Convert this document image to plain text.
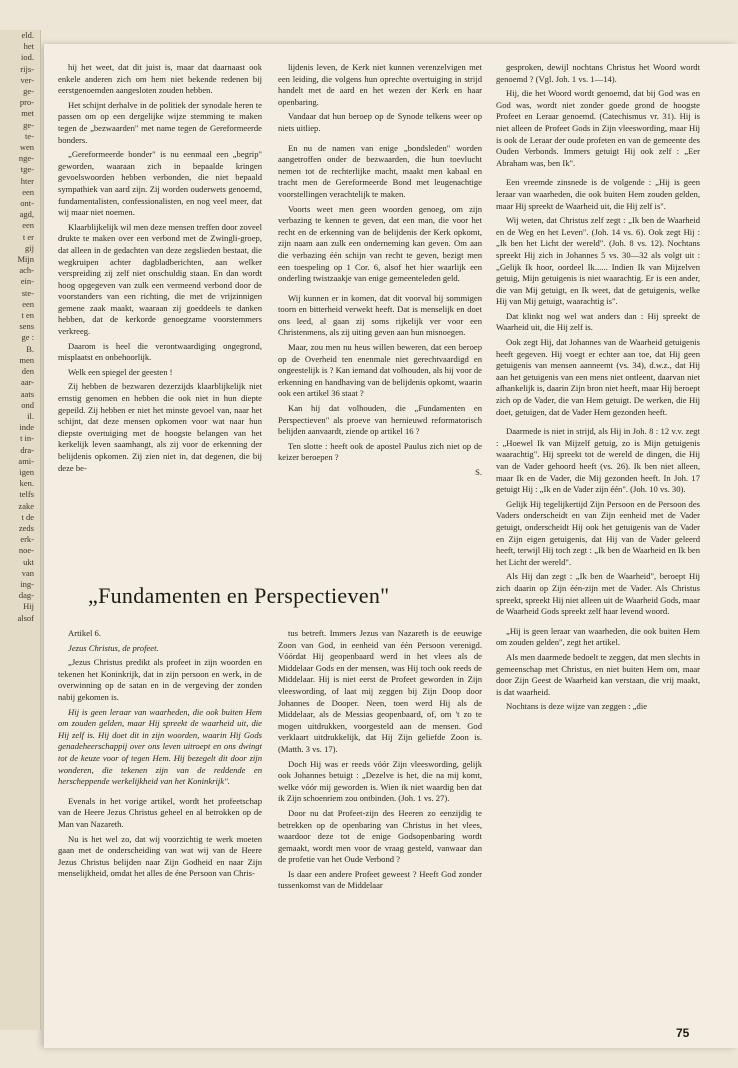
eld.
het
iod.
rijs-
ver-
ge-
pro-
met
ge-
te-
wen
nge-
tge-
hter
een
ont-
agd,
een
t er
gij
Mijn
ach-
ein-
ste-
een
t en
sens
ge :
B.
men
den
aar-
aats
ond
il.
inde
t in-
dra-
ami-
igen
ken.
telfs
zake
t de
zeds
erk-
noe-
ukt
van
ing-
dag-
Hij
alsof

hij het weet, dat dit juist is, maar dat daarnaast ook enkele anderen zich om hem niet bekende redenen bij eerstgenoemden aangesloten zouden hebben.

Het schijnt derhalve in de politiek der synodale heren te passen om op een dergelijke wijze stemming te maken tegen de „bezwaarden" met name tegen de Gereformeerde bonders.

„Gereformeerde bonder" is nu eenmaal een „begrip" geworden, waaraan zich in bepaalde kringen gevoelswoorden hebben verbonden, die niet bepaald sympathiek van aard zijn. Zij worden ouderwets genoemd, fundamentalisten, confessionalisten, en nog veel meer, dat wij maar niet noemen.

Klaarblijkelijk wil men deze mensen treffen door zoveel drukte te maken over een verbond met de Zwingli-groep, dat alleen in de gedachten van deze zegslieden bestaat, die wegkruipen achter dagbladberichten, aan welker verspreiding zij zelf niet onschuldig staan. En dan wordt hoog opgegeven van zulk een vermeend verbond door de voorstanders van een richting, die met de vrijzinnigen gemene zaak maakt, waaraan zij goeddeels te danken hebben, dat de kerkorde genoegzame voorstemmers verkreeg.

Daarom is heel die verontwaardiging ongegrond, misplaatst en onbehoorlijk.

Welk een spiegel der geesten !

Zij hebben de bezwaren dezerzijds klaarblijkelijk niet ernstig genomen en hebben die ook niet in hun diepte gepeild. Zij hebben er niet het minste gevoel van, naar het schijnt, dat deze mensen opkomen voor wat naar hun diepste overtuiging met de hoogste belangen van het kerkelijk leven saamhangt, als zij voor de erkenning der belijdenis opkomen. Zij zien niet in, dat degenen, die bij deze be-

lijdenis leven, de Kerk niet kunnen verenzelvigen met een leiding, die volgens hun oprechte overtuiging in strijd handelt met de aard en het wezen der Kerk en haar openbaring.

Vandaar dat hun beroep op de Synode telkens weer op niets uitliep.

En nu de namen van enige „bondsleden" worden aangetroffen onder de bezwaarden, die hun toevlucht nemen tot de rechterlijke macht, maakt men kabaal en tracht men de Gereformeerde Bond met leugenachtige voorstellingen verachtelijk te maken.

Voorts weet men geen woorden genoeg, om zijn verbazing te kennen te geven, dat een man, die voor het recht en de erkenning van de belijdenis der Kerk opkomt, zijn naam aan zulk een onderneming kan geven. Om aan die verbazing één schijn van recht te geven, bezigt men een toespeling op 1 Cor. 6, alsof het hier waarlijk een onderling twistzaakje van enige gemeenteleden geld.

Wij kunnen er in komen, dat dit voorval bij sommigen toorn en bitterheid verwekt heeft. Dat is menselijk en doet ons leed, al gaan zij soms rijkelijk ver voor een Christenmens, als zij uiting geven aan hun misnoegen.

Maar, zou men nu heus willen beweren, dat een beroep op de Overheid ten enenmale niet gerechtvaardigd en ongeestelijk is ? Kan iemand dat volhouden, als hij voor de erkenning en handhaving van de belijdenis opkomt, waarin ook een artikel 36 staat ?

Kan hij dat volhouden, die „Fundamenten en Perspectieven" als proeve van hernieuwd reformatorisch belijden aanvaardt, ziende op artikel 16 ?

Ten slotte : heeft ook de apostel Paulus zich niet op de keizer beroepen ?

S.

gesproken, dewijl nochtans Christus het Woord wordt genoemd ? (Vgl. Joh. 1 vs. 1—14).

Hij, die het Woord wordt genoemd, dat bij God was en God was, wordt niet zonder goede grond de hoogste Profeet en Leraar genoemd. (Catechismus vr. 31). Hij is niet alleen de Profeet Gods in Zijn vleeswording, maar Hij is ook de Leraar der oude profeten en van de gemeente des Ouden Verbonds. Immers getuigt Hij ook zelf : „Eer Abraham was, ben Ik".

Een vreemde zinsnede is de volgende : „Hij is geen leraar van waarheden, die ook buiten Hem zouden gelden, maar Hij spreekt de Waarheid uit, die Hij zelf is".

Wij weten, dat Christus zelf zegt : „Ik ben de Waarheid en de Weg en het Leven". (Joh. 14 vs. 6). Ook zegt Hij : „Ik ben het Licht der wereld". (Joh. 8 vs. 12). Nochtans spreekt Hij zich in Johannes 5 vs. 30—32 als volgt uit : „Gelijk Ik hoor, oordeel Ik...... Indien Ik van Mijzelven getuig, Mijn getuigenis is niet waarachtig. Er is een ander, die van Mij getuigt, en Ik weet, dat de getuigenis, welke Hij van Mij getuigt, waarachtig is".

Dat klinkt nog wel wat anders dan : Hij spreekt de Waarheid uit, die Hij zelf is.

Ook zegt Hij, dat Johannes van de Waarheid getuigenis heeft gegeven. Hij voegt er echter aan toe, dat Hij geen getuigenis van mensen aanneemt (vs. 34), d.w.z., dat Hij aan het getuigenis van een mens niet ontleent, daarvan niet afhankelijk is, daarin Zijn bron niet heeft, maar Hij beroept zich op de Vader, die van Hem getuigt. De werken, die Hij doet, getuigen, dat de Vader Hem gezonden heeft.

Daarmede is niet in strijd, als Hij in Joh. 8 : 12 v.v. zegt : „Hoewel Ik van Mijzelf getuig, zo is Mijn getuigenis waarachtig". Hij spreekt tot de wereld de dingen, die Hij van de Vader gehoord heeft (vs. 26). Ik ben niet alleen, maar Ik en de Vader, die Mij gezonden heeft. In Joh. 17 getuigt Hij : „Ik en de Vader zijn één". (Joh. 10 vs. 30).

Gelijk Hij tegelijkertijd Zijn Persoon en de Persoon des Vaders onderscheidt en van Zijn eenheid met de Vader getuigt, onderscheidt Hij ook het getuigenis van de Vader en Zijn eigen getuigenis, dat Hij van de Vader geleerd heeft, terwijl Hij toch zegt : „Ik ben de Waarheid en Ik ben het Licht der wereld".

Als Hij dan zegt : „Ik ben de Waarheid", beroept Hij zich daarin op Zijn één-zijn met de Vader. Als Christus spreekt, spreekt Hij niet alleen uit de Waarheid Gods, maar de Waarheid Gods spreekt zelf haar levend woord.

„Hij is geen leraar van waarheden, die ook buiten Hem om zouden gelden", zegt het artikel.

Als men daarmede bedoelt te zeggen, dat men slechts in gemeenschap met Christus, en niet buiten Hem om, maar door Zijn Geest de Waarheid kan verstaan, die vrij maakt, is dat waarheid.

Nochtans is deze wijze van zeggen : „die

„Fundamenten en Perspectieven"

Artikel 6.

Jezus Christus, de profeet.

„Jezus Christus predikt als profeet in zijn woorden en tekenen het Koninkrijk, dat in zijn persoon en werk, in de overwinning op de satan en in de vergeving der zonden nabij gekomen is.

Hij is geen leraar van waarheden, die ook buiten Hem om zouden gelden, maar Hij spreekt de waarheid uit, die Hij zelf is. Hij doet dit in zijn woorden, waarin Hij Gods genadeheerschappij over ons leven uitroept en ons dwingt tot de keuze voor of tegen Hem. Hij bezegelt dit door zijn wonderen, die tekenen zijn van de reddende en herscheppende werkelijkheid van het Koninkrijk".

Evenals in het vorige artikel, wordt het profeetschap van de Heere Jezus Christus geheel en al betrokken op de Man van Nazareth.

Nu is het wel zo, dat wij voorzichtig te werk moeten gaan met de onderscheiding van wat wij van de Heere Jezus Christus belijden naar Zijn Godheid en naar Zijn menselijkheid, omdat het alles de éne Persoon van Chris-

tus betreft. Immers Jezus van Nazareth is de eeuwige Zoon van God, in eenheid van één Persoon verenigd. Vóórdat Hij geopenbaard werd in het vlees als de Middelaar Gods en der mensen, was Hij toch ook reeds de Middelaar. Hij is niet eerst de Profeet geworden in Zijn vleeswording, of laat mij zeggen bij Zijn Doop door Johannes de Dooper. Neen, toen werd Hij als de Middelaar, als de Messias geopenbaard, of, om 't zo te mogen uitdrukken, voorgesteld aan de mensen. God verklaart uitdrukkelijk, dat Hij Zijn geliefde Zoon is. (Matth. 3 vs. 17).

Doch Hij was er reeds vóór Zijn vleeswording, gelijk ook Johannes betuigt : „Dezelve is het, die na mij komt, welke vóór mij geworden is. Wien ik niet waardig ben dat ik Zijn schoenriem zou ontbinden. (Joh. 1 vs. 27).

Door nu dat Profeet-zijn des Heeren zo eenzijdig te betrekken op de openbaring van Christus in het vlees, waardoor deze tot de enige Godsopenbaring wordt gemaakt, wordt men voor de vraag gesteld, vanwaar dan de profetie van het Oude Verbond ?

Is daar een andere Profeet geweest ? Heeft God zonder tussenkomst van de Middelaar

75
